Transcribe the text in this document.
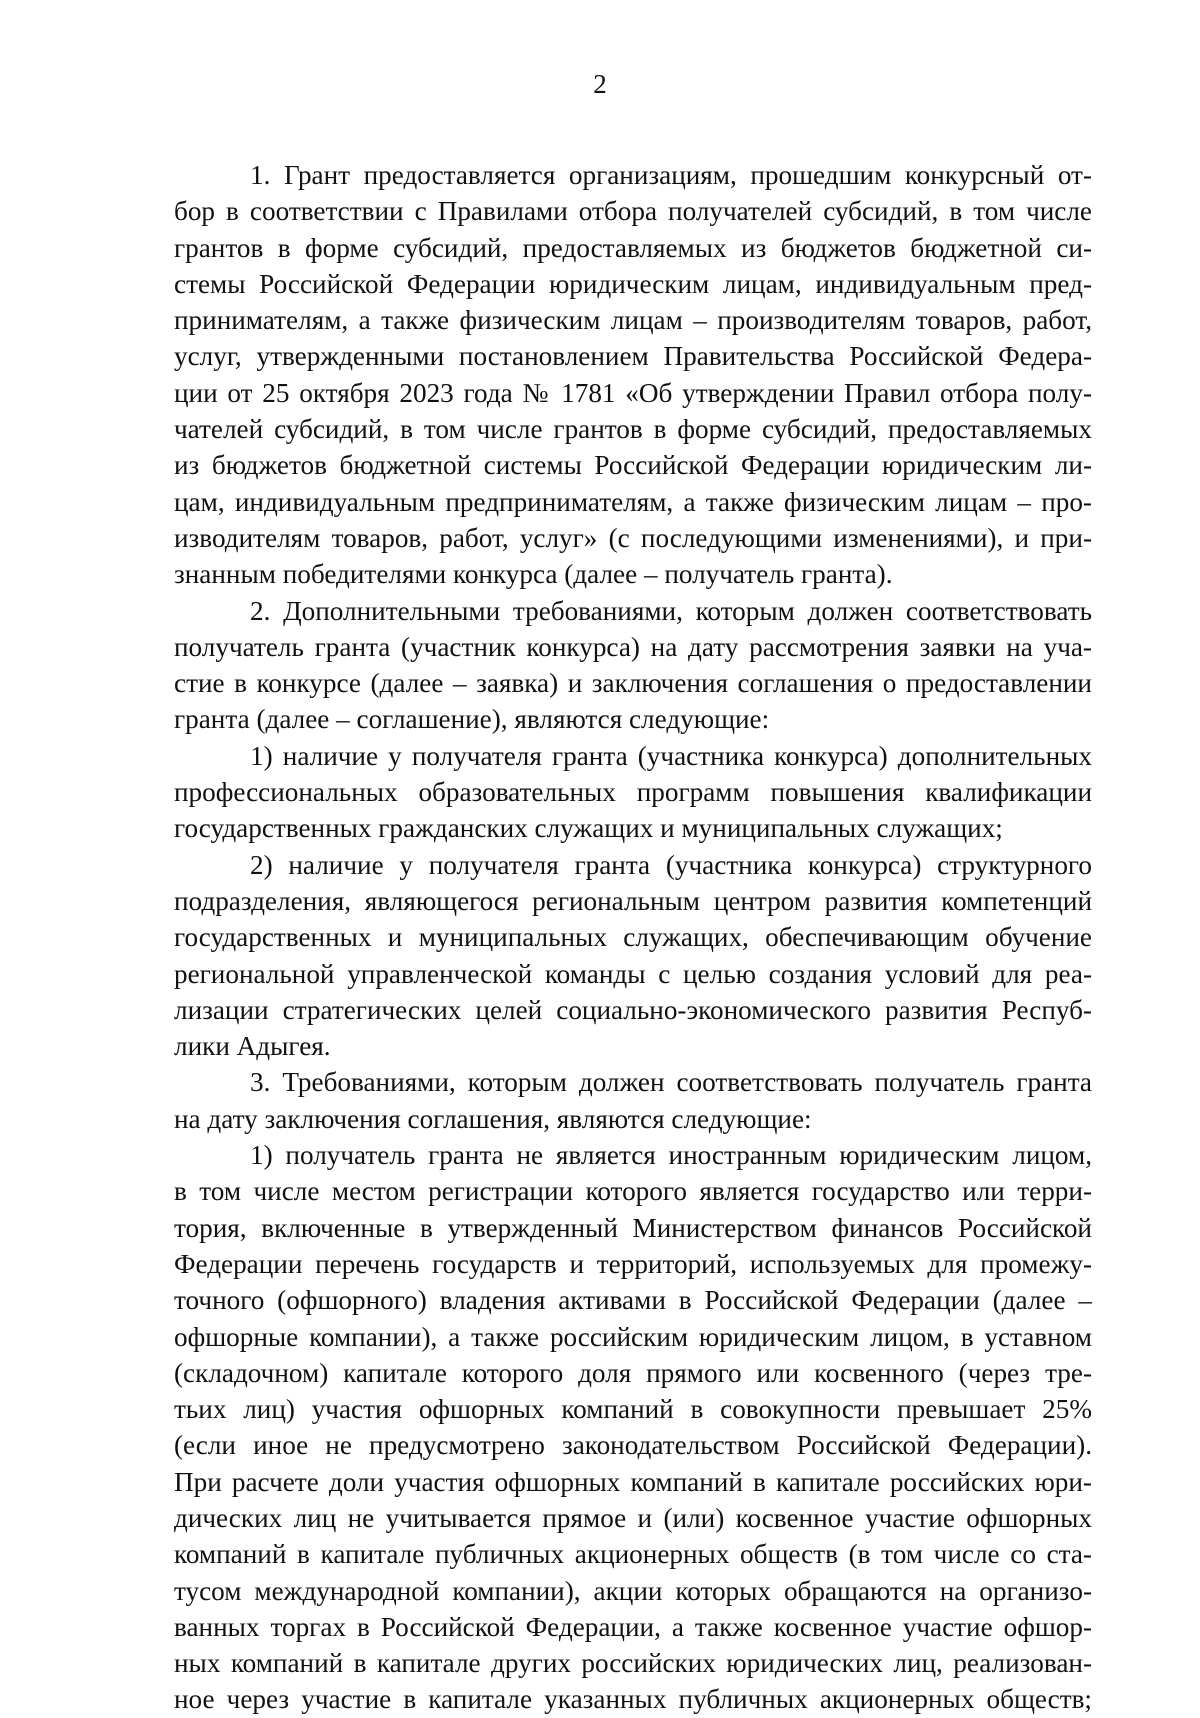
2
1. Грант предоставляется организациям, прошедшим конкурсный от-
бор в соответствии с Правилами отбора получателей субсидий, в том числе
грантов в форме субсидий, предоставляемых из бюджетов бюджетной си-
стемы Российской Федерации юридическим лицам, индивидуальным пред-
принимателям, а также физическим лицам – производителям товаров, работ,
услуг, утвержденными постановлением Правительства Российской Федера-
ции от 25 октября 2023 года № 1781 «Об утверждении Правил отбора полу-
чателей субсидий, в том числе грантов в форме субсидий, предоставляемых
из бюджетов бюджетной системы Российской Федерации юридическим ли-
цам, индивидуальным предпринимателям, а также физическим лицам – про-
изводителям товаров, работ, услуг» (с последующими изменениями), и при-
знанным победителями конкурса (далее – получатель гранта).
2. Дополнительными требованиями, которым должен соответствовать
получатель гранта (участник конкурса) на дату рассмотрения заявки на уча-
стие в конкурсе (далее – заявка) и заключения соглашения о предоставлении
гранта (далее – соглашение), являются следующие:
1) наличие у получателя гранта (участника конкурса) дополнительных
профессиональных образовательных программ повышения квалификации
государственных гражданских служащих и муниципальных служащих;
2) наличие у получателя гранта (участника конкурса) структурного
подразделения, являющегося региональным центром развития компетенций
государственных и муниципальных служащих, обеспечивающим обучение
региональной управленческой команды с целью создания условий для реа-
лизации стратегических целей социально-экономического развития Респуб-
лики Адыгея.
3. Требованиями, которым должен соответствовать получатель гранта
на дату заключения соглашения, являются следующие:
1) получатель гранта не является иностранным юридическим лицом,
в том числе местом регистрации которого является государство или терри-
тория, включенные в утвержденный Министерством финансов Российской
Федерации перечень государств и территорий, используемых для промежу-
точного (офшорного) владения активами в Российской Федерации (далее –
офшорные компании), а также российским юридическим лицом, в уставном
(складочном) капитале которого доля прямого или косвенного (через тре-
тьих лиц) участия офшорных компаний в совокупности превышает 25%
(если иное не предусмотрено законодательством Российской Федерации).
При расчете доли участия офшорных компаний в капитале российских юри-
дических лиц не учитывается прямое и (или) косвенное участие офшорных
компаний в капитале публичных акционерных обществ (в том числе со ста-
тусом международной компании), акции которых обращаются на организо-
ванных торгах в Российской Федерации, а также косвенное участие офшор-
ных компаний в капитале других российских юридических лиц, реализован-
ное через участие в капитале указанных публичных акционерных обществ;
